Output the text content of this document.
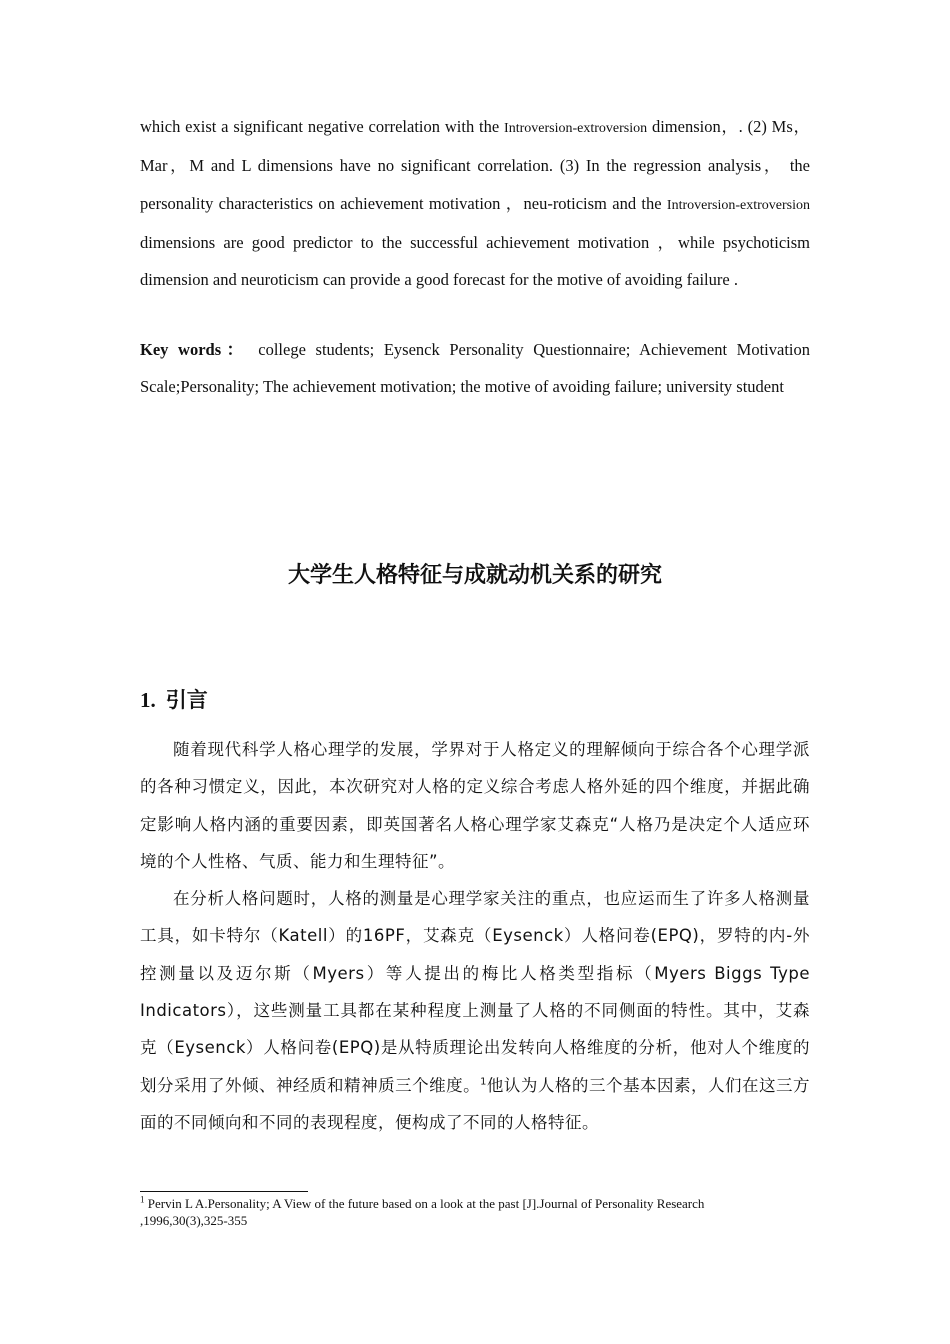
which exist a significant negative correlation with the Introversion-extroversion dimension，. (2) Ms，Mar，M and L dimensions have no significant correlation. (3) In the regression analysis， the personality characteristics on achievement motivation ，neu-roticism and the Introversion-extroversion dimensions are good predictor to the successful achievement motivation ，while psychoticism dimension and neuroticism can provide a good forecast for the motive of avoiding failure .
Key words： college students; Eysenck Personality Questionnaire; Achievement Motivation Scale;Personality; The achievement motivation; the motive of avoiding failure; university student
大学生人格特征与成就动机关系的研究
1. 引言

随着现代科学人格心理学的发展，学界对于人格定义的理解倾向于综合各个心理学派的各种习惯定义，因此，本次研究对人格的定义综合考虑人格外延的四个维度，并据此确定影响人格内涵的重要因素，即英国著名人格心理学家艾森克“人格乃是决定个人适应环境的个人性格、气质、能力和生理特征”。

在分析人格问题时，人格的测量是心理学家关注的重点，也应运而生了许多人格测量工具，如卡特尔（Katell）的16PF，艾森克（Eysenck）人格问卷(EPQ)，罗特的内-外控测量以及迈尔斯（Myers）等人提出的梅比人格类型指标（Myers Biggs Type Indicators），这些测量工具都在某种程度上测量了人格的不同侧面的特性。其中，艾森克（Eysenck）人格问卷(EPQ)是从特质理论出发转向人格维度的分析，他对人个维度的划分采用了外倾、神经质和精神质三个维度。$^1$他认为人格的三个基本因素，人们在这三方面的不同倾向和不同的表现程度，便构成了不同的人格特征。

$^1$ Pervin L A.Personality; A View of the future based on a look at the past [J].Journal of Personality Research ,1996,30(3),325-355
